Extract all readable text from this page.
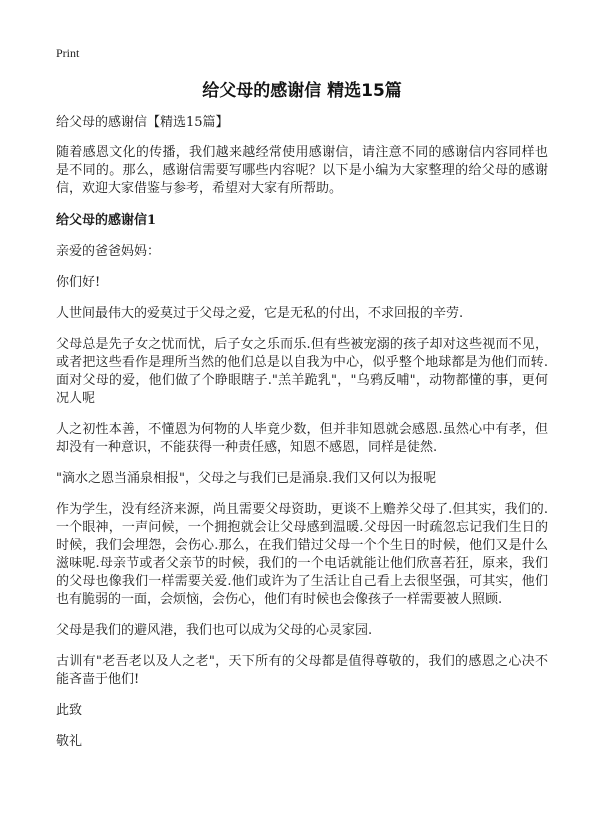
Print

给父母的感谢信 精选15篇

给父母的感谢信【精选15篇】

随着感恩文化的传播，我们越来越经常使用感谢信，请注意不同的感谢信内容同样也是不同的。那么，感谢信需要写哪些内容呢？以下是小编为大家整理的给父母的感谢信，欢迎大家借鉴与参考，希望对大家有所帮助。

给父母的感谢信1

亲爱的爸爸妈妈：

你们好!

人世间最伟大的爱莫过于父母之爱，它是无私的付出，不求回报的辛劳.

父母总是先子女之忧而忧，后子女之乐而乐.但有些被宠溺的孩子却对这些视而不见，或者把这些看作是理所当然的他们总是以自我为中心，似乎整个地球都是为他们而转.面对父母的爱，他们做了个睁眼瞎子."羔羊跪乳"，"乌鸦反哺"，动物都懂的事，更何况人呢

人之初性本善，不懂恩为何物的人毕竟少数，但并非知恩就会感恩.虽然心中有孝，但却没有一种意识，不能获得一种责任感，知恩不感恩，同样是徒然.

"滴水之恩当涌泉相报"，父母之与我们已是涌泉.我们又何以为报呢

作为学生，没有经济来源，尚且需要父母资助，更谈不上赡养父母了.但其实，我们的.一个眼神，一声问候，一个拥抱就会让父母感到温暖.父母因一时疏忽忘记我们生日的时候，我们会埋怨，会伤心.那么，在我们错过父母一个个生日的时候，他们又是什么滋味呢.母亲节或者父亲节的时候，我们的一个电话就能让他们欣喜若狂，原来，我们的父母也像我们一样需要关爱.他们或许为了生活让自己看上去很坚强，可其实，他们也有脆弱的一面，会烦恼，会伤心，他们有时候也会像孩子一样需要被人照顾.

父母是我们的避风港，我们也可以成为父母的心灵家园.

古训有"老吾老以及人之老"，天下所有的父母都是值得尊敬的，我们的感恩之心决不能吝啬于他们!

此致

敬礼
